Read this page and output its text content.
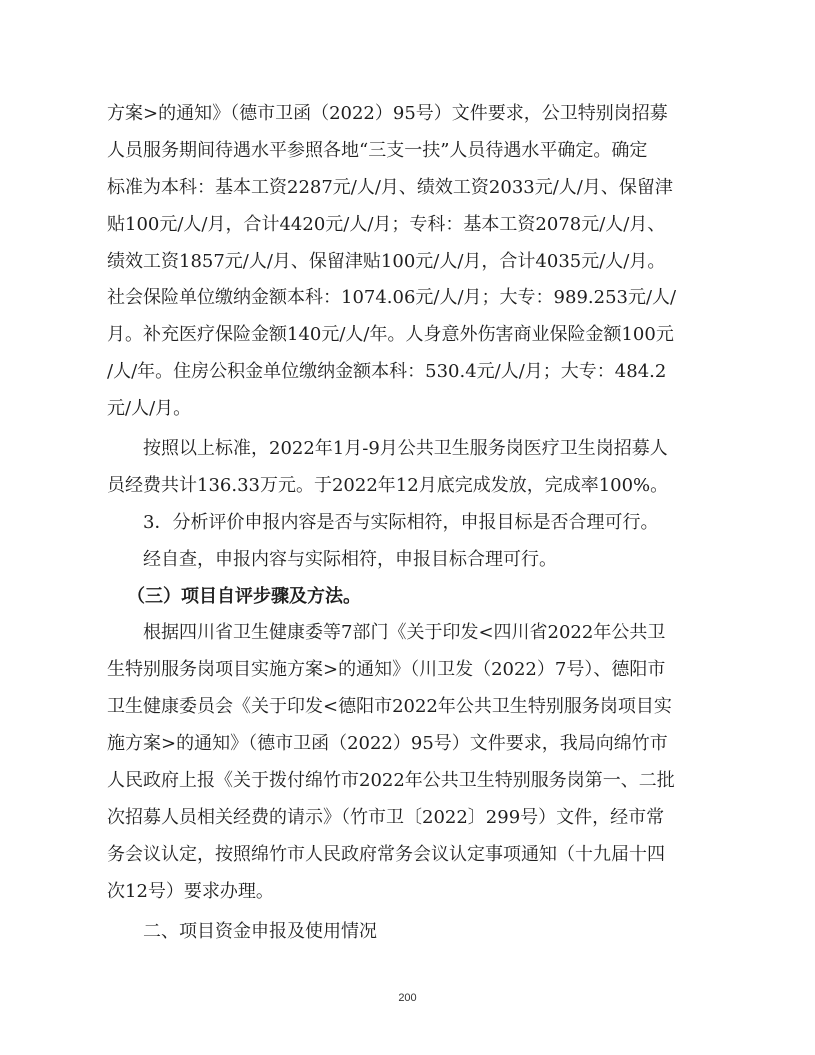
方案>的通知》（德市卫函（2022）95号）文件要求，公卫特别岗招募
人员服务期间待遇水平参照各地“三支一扶”人员待遇水平确定。确定
标准为本科：基本工资2287元/人/月、绩效工资2033元/人/月、保留津
贴100元/人/月，合计4420元/人/月；专科：基本工资2078元/人/月、
绩效工资1857元/人/月、保留津贴100元/人/月，合计4035元/人/月。
社会保险单位缴纳金额本科：1074.06元/人/月；大专：989.253元/人/
月。补充医疗保险金额140元/人/年。人身意外伤害商业保险金额100元
/人/年。住房公积金单位缴纳金额本科：530.4元/人/月；大专：484.2
元/人/月。
按照以上标准，2022年1月-9月公共卫生服务岗医疗卫生岗招募人
员经费共计136.33万元。于2022年12月底完成发放，完成率100%。
3．分析评价申报内容是否与实际相符，申报目标是否合理可行。
经自查，申报内容与实际相符，申报目标合理可行。
（三）项目自评步骤及方法。
根据四川省卫生健康委等7部门《关于印发<四川省2022年公共卫
生特别服务岗项目实施方案>的通知》（川卫发（2022）7号）、德阳市
卫生健康委员会《关于印发<德阳市2022年公共卫生特别服务岗项目实
施方案>的通知》（德市卫函（2022）95号）文件要求，我局向绵竹市
人民政府上报《关于拨付绵竹市2022年公共卫生特别服务岗第一、二批
次招募人员相关经费的请示》（竹市卫〔2022〕299号）文件，经市常
务会议认定，按照绵竹市人民政府常务会议认定事项通知（十九届十四
次12号）要求办理。
二、项目资金申报及使用情况
200
